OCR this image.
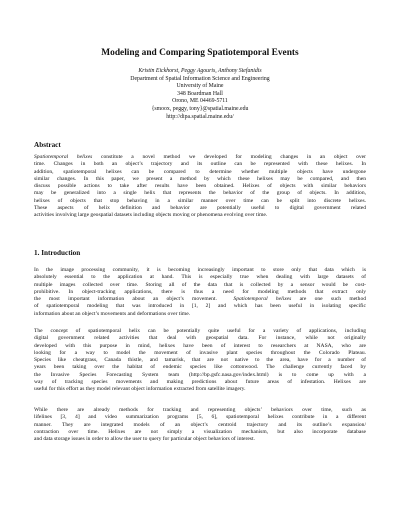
Modeling and Comparing Spatiotemporal Events
Kristin Eickhorst, Peggy Agouris, Anthony Stefanidis
Department of Spatial Information Science and Engineering
University of Maine
348 Boardman Hall
Orono, ME 04469-5711
{smoox, peggy, tony}@spatial.maine.edu
http://dipa.spatial.maine.edu/
Abstract
Spatiotemporal helixes constitute a novel method we developed for modeling changes in an object over
time. Changes in both an object’s trajectory and its outline can be represented with these helixes. In
addition, spatiotemporal helixes can be compared to determine whether multiple objects have undergone
similar changes. In this paper, we present a method by which these helixes may be compared, and then
discuss possible actions to take after results have been obtained. Helixes of objects with similar behaviors
may be generalized into a single helix that represents the behavior of the group of objects. In addition,
helixes of objects that stop behaving in a similar manner over time can be split into discrete helixes.
These aspects of helix definition and behavior are potentially useful to digital government related
activities involving large geospatial datasets including objects moving or phenomena evolving over time.
1. Introduction
In the image processing community, it is becoming increasingly important to store only that data which is
absolutely essential to the application at hand. This is especially true when dealing with large datasets of
multiple images collected over time. Storing all of the data that is collected by a sensor would be cost-
prohibitive. In object-tracking applications, there is thus a need for modeling methods that extract only
the most important information about an object’s movement.	Spatiotemporal helixes are one such method
of spatiotemporal modeling that was introduced in [1, 2] and which has been useful in isolating specific
information about an object’s movements and deformations over time.
The concept of spatiotemporal helix can be potentially quite useful for a variety of applications, including
digital government related activities that deal with geospatial data. For instance, while not originally
developed with this purpose in mind, helixes have been of interest to researchers at NASA, who are
looking for a way to model the movement of invasive plant species throughout the Colorado Plateau.
Species like cheatgrass, Canada thistle, and tamarisk, that are not native to the area, have for a number of
years been taking over the habitat of endemic species like cottonwood. The challenge currently faced by
the Invasive Species Forecasting System team (http://bp.gsfc.nasa.gov/index.html) is to come up with a
way of tracking species movements and making predictions about future areas of infestation. Helixes are
useful for this effort as they model relevant object information extracted from satellite imagery.
While there are already methods for tracking and representing objects’ behaviors over time, such as
lifelines [3, 4] and video summarization programs [5, 6], spatiotemporal helixes contribute in a different
manner. They are integrated models of an object’s centroid trajectory and its outline’s expansion/
contraction over time. Helixes are not simply a visualization mechanism, but also incorporate database
and data storage issues in order to allow the user to query for particular object behaviors of interest.
